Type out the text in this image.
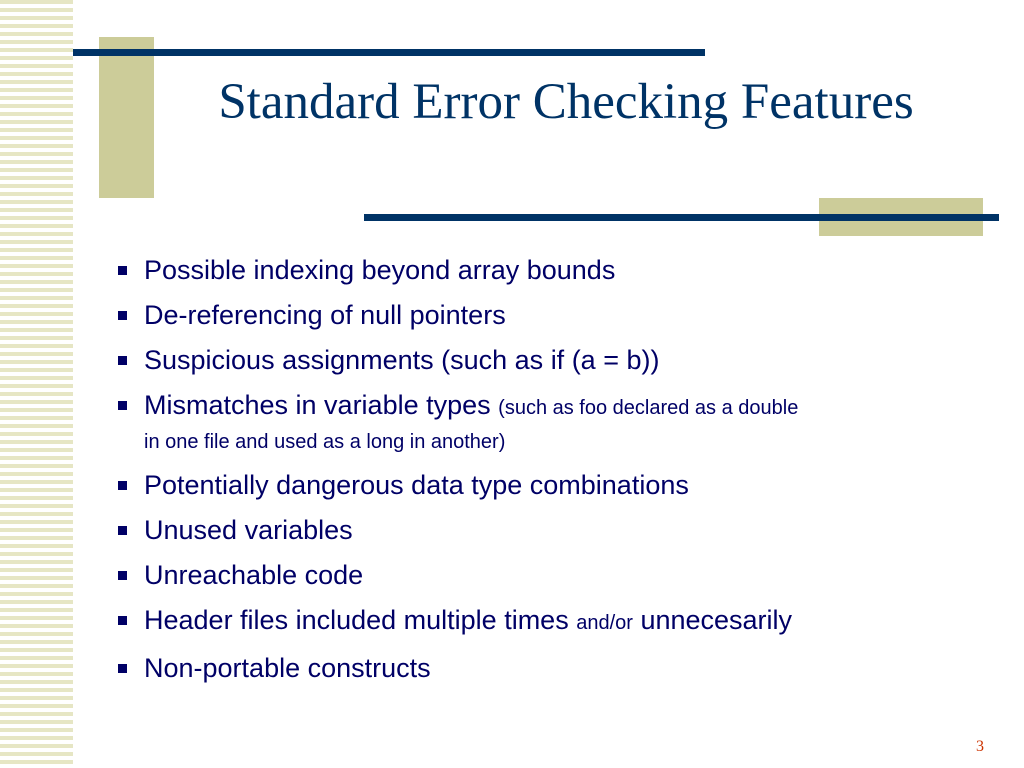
Standard Error Checking Features
Possible indexing beyond array bounds
De-referencing of null pointers
Suspicious assignments (such as if (a = b))
Mismatches in variable types (such as foo declared as a double
in one file and used as a long in another)
Potentially dangerous data type combinations
Unused variables
Unreachable code
Header files included multiple times and/or unnecesarily
Non-portable constructs
3
